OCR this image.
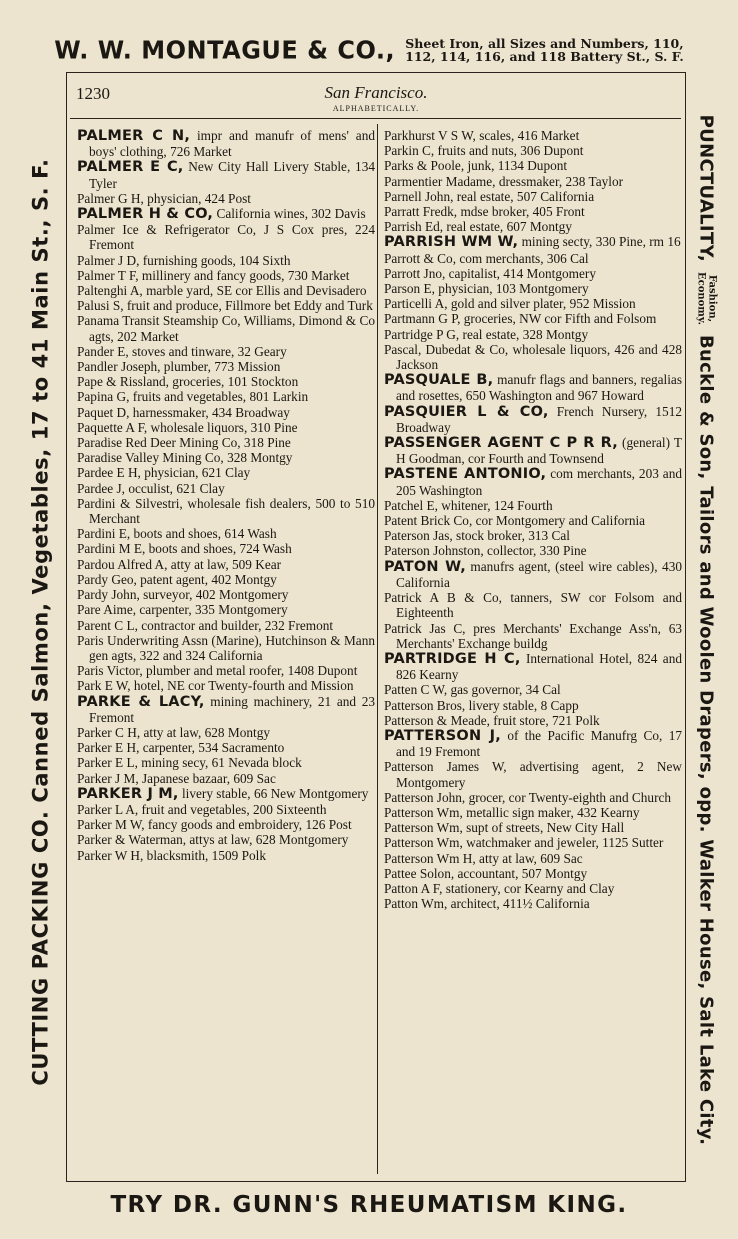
W. W. MONTAGUE & CO., Sheet Iron, all Sizes and Numbers, 110,
112, 114, 116, and 118 Battery St., S. F.
CUTTING PACKING CO. Canned Salmon, Vegetables, 17 to 41 Main St., S. F.	PUNCTUALITY,
Fashion,
Economy.
Buckle & Son, Tailors and Woolen Drapers, opp. Walker House, Salt Lake City.
1230	San Francisco.
ALPHABETICALLY.
PALMER C N, impr and manufr of mens' and boys' clothing, 726 Market
PALMER E C, New City Hall Livery Stable, 134 Tyler
Palmer G H, physician, 424 Post
PALMER H & CO, California wines, 302 Davis
Palmer Ice & Refrigerator Co, J S Cox pres, 224 Fremont
Palmer J D, furnishing goods, 104 Sixth
Palmer T F, millinery and fancy goods, 730 Market
Paltenghi A, marble yard, SE cor Ellis and Devisadero
Palusi S, fruit and produce, Fillmore bet Eddy and Turk
Panama Transit Steamship Co, Williams, Dimond & Co agts, 202 Market
Pander E, stoves and tinware, 32 Geary
Pandler Joseph, plumber, 773 Mission
Pape & Rissland, groceries, 101 Stockton
Papina G, fruits and vegetables, 801 Larkin
Paquet D, harnessmaker, 434 Broadway
Paquette A F, wholesale liquors, 310 Pine
Paradise Red Deer Mining Co, 318 Pine
Paradise Valley Mining Co, 328 Montgy
Pardee E H, physician, 621 Clay
Pardee J, occulist, 621 Clay
Pardini & Silvestri, wholesale fish dealers, 500 to 510 Merchant
Pardini E, boots and shoes, 614 Wash
Pardini M E, boots and shoes, 724 Wash
Pardou Alfred A, atty at law, 509 Kear
Pardy Geo, patent agent, 402 Montgy
Pardy John, surveyor, 402 Montgomery
Pare Aime, carpenter, 335 Montgomery
Parent C L, contractor and builder, 232 Fremont
Paris Underwriting Assn (Marine), Hutchinson & Mann gen agts, 322 and 324 California
Paris Victor, plumber and metal roofer, 1408 Dupont
Park E W, hotel, NE cor Twenty-fourth and Mission
PARKE & LACY, mining machinery, 21 and 23 Fremont
Parker C H, atty at law, 628 Montgy
Parker E H, carpenter, 534 Sacramento
Parker E L, mining secy, 61 Nevada block
Parker J M, Japanese bazaar, 609 Sac
PARKER J M, livery stable, 66 New Montgomery
Parker L A, fruit and vegetables, 200 Sixteenth
Parker M W, fancy goods and embroidery, 126 Post
Parker & Waterman, attys at law, 628 Montgomery
Parker W H, blacksmith, 1509 Polk
Parkhurst V S W, scales, 416 Market
Parkin C, fruits and nuts, 306 Dupont
Parks & Poole, junk, 1134 Dupont
Parmentier Madame, dressmaker, 238 Taylor
Parnell John, real estate, 507 California
Parratt Fredk, mdse broker, 405 Front
Parrish Ed, real estate, 607 Montgy
PARRISH WM W, mining secty, 330 Pine, rm 16
Parrott & Co, com merchants, 306 Cal
Parrott Jno, capitalist, 414 Montgomery
Parson E, physician, 103 Montgomery
Particelli A, gold and silver plater, 952 Mission
Partmann G P, groceries, NW cor Fifth and Folsom
Partridge P G, real estate, 328 Montgy
Pascal, Dubedat & Co, wholesale liquors, 426 and 428 Jackson
PASQUALE B, manufr flags and banners, regalias and rosettes, 650 Washington and 967 Howard
PASQUIER L & CO, French Nursery, 1512 Broadway
PASSENGER AGENT C P R R, (general) T H Goodman, cor Fourth and Townsend
PASTENE ANTONIO, com merchants, 203 and 205 Washington
Patchel E, whitener, 124 Fourth
Patent Brick Co, cor Montgomery and California
Paterson Jas, stock broker, 313 Cal
Paterson Johnston, collector, 330 Pine
PATON W, manufrs agent, (steel wire cables), 430 California
Patrick A B & Co, tanners, SW cor Folsom and Eighteenth
Patrick Jas C, pres Merchants' Exchange Ass'n, 63 Merchants' Exchange buildg
PARTRIDGE H C, International Hotel, 824 and 826 Kearny
Patten C W, gas governor, 34 Cal
Patterson Bros, livery stable, 8 Capp
Patterson & Meade, fruit store, 721 Polk
PATTERSON J, of the Pacific Manufrg Co, 17 and 19 Fremont
Patterson James W, advertising agent, 2 New Montgomery
Patterson John, grocer, cor Twenty-eighth and Church
Patterson Wm, metallic sign maker, 432 Kearny
Patterson Wm, supt of streets, New City Hall
Patterson Wm, watchmaker and jeweler, 1125 Sutter
Patterson Wm H, atty at law, 609 Sac
Pattee Solon, accountant, 507 Montgy
Patton A F, stationery, cor Kearny and Clay
Patton Wm, architect, 411½ California
TRY DR. GUNN'S RHEUMATISM KING.
